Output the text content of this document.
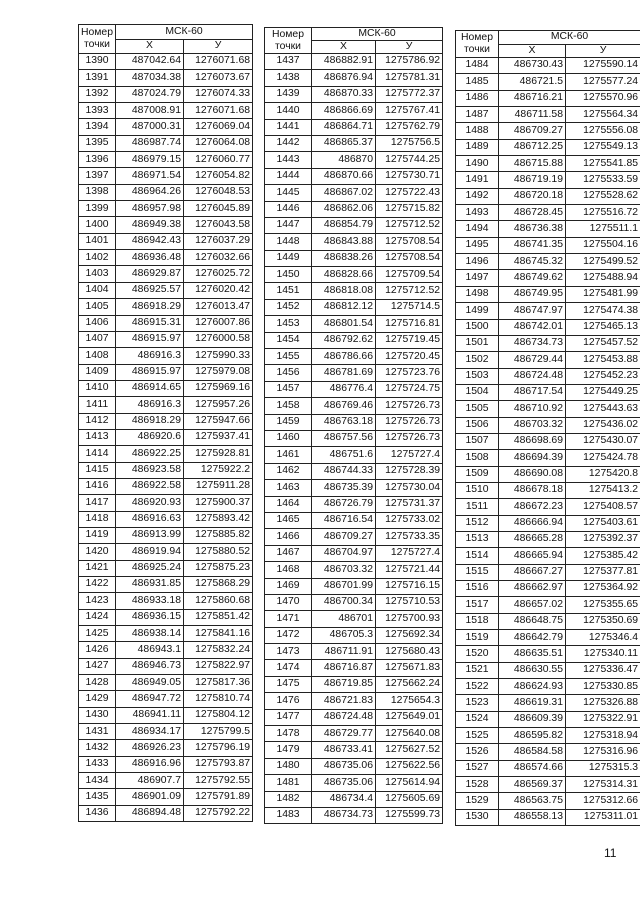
Номер точки	МСК-60	
	X	У
1390	487042.64	1276071.68
1391	487034.38	1276073.67
1392	487024.79	1276074.33
1393	487008.91	1276071.68
1394	487000.31	1276069.04
1395	486987.74	1276064.08
1396	486979.15	1276060.77
1397	486971.54	1276054.82
1398	486964.26	1276048.53
1399	486957.98	1276045.89
1400	486949.38	1276043.58
1401	486942.43	1276037.29
1402	486936.48	1276032.66
1403	486929.87	1276025.72
1404	486925.57	1276020.42
1405	486918.29	1276013.47
1406	486915.31	1276007.86
1407	486915.97	1276000.58
1408	486916.3	1275990.33
1409	486915.97	1275979.08
1410	486914.65	1275969.16
1411	486916.3	1275957.26
1412	486918.29	1275947.66
1413	486920.6	1275937.41
1414	486922.25	1275928.81
1415	486923.58	1275922.2
1416	486922.58	1275911.28
1417	486920.93	1275900.37
1418	486916.63	1275893.42
1419	486913.99	1275885.82
1420	486919.94	1275880.52
1421	486925.24	1275875.23
1422	486931.85	1275868.29
1423	486933.18	1275860.68
1424	486936.15	1275851.42
1425	486938.14	1275841.16
1426	486943.1	1275832.24
1427	486946.73	1275822.97
1428	486949.05	1275817.36
1429	486947.72	1275810.74
1430	486941.11	1275804.12
1431	486934.17	1275799.5
1432	486926.23	1275796.19
1433	486916.96	1275793.87
1434	486907.7	1275792.55
1435	486901.09	1275791.89
1436	486894.48	1275792.22
Номер точки	МСК-60	
	X	У
1437	486882.91	1275786.92
1438	486876.94	1275781.31
1439	486870.33	1275772.37
1440	486866.69	1275767.41
1441	486864.71	1275762.79
1442	486865.37	1275756.5
1443	486870	1275744.25
1444	486870.66	1275730.71
1445	486867.02	1275722.43
1446	486862.06	1275715.82
1447	486854.79	1275712.52
1448	486843.88	1275708.54
1449	486838.26	1275708.54
1450	486828.66	1275709.54
1451	486818.08	1275712.52
1452	486812.12	1275714.5
1453	486801.54	1275716.81
1454	486792.62	1275719.45
1455	486786.66	1275720.45
1456	486781.69	1275723.76
1457	486776.4	1275724.75
1458	486769.46	1275726.73
1459	486763.18	1275726.73
1460	486757.56	1275726.73
1461	486751.6	1275727.4
1462	486744.33	1275728.39
1463	486735.39	1275730.04
1464	486726.79	1275731.37
1465	486716.54	1275733.02
1466	486709.27	1275733.35
1467	486704.97	1275727.4
1468	486703.32	1275721.44
1469	486701.99	1275716.15
1470	486700.34	1275710.53
1471	486701	1275700.93
1472	486705.3	1275692.34
1473	486711.91	1275680.43
1474	486716.87	1275671.83
1475	486719.85	1275662.24
1476	486721.83	1275654.3
1477	486724.48	1275649.01
1478	486729.77	1275640.08
1479	486733.41	1275627.52
1480	486735.06	1275622.56
1481	486735.06	1275614.94
1482	486734.4	1275605.69
1483	486734.73	1275599.73
Номер точки	МСК-60	
	X	У
1484	486730.43	1275590.14
1485	486721.5	1275577.24
1486	486716.21	1275570.96
1487	486711.58	1275564.34
1488	486709.27	1275556.08
1489	486712.25	1275549.13
1490	486715.88	1275541.85
1491	486719.19	1275533.59
1492	486720.18	1275528.62
1493	486728.45	1275516.72
1494	486736.38	1275511.1
1495	486741.35	1275504.16
1496	486745.32	1275499.52
1497	486749.62	1275488.94
1498	486749.95	1275481.99
1499	486747.97	1275474.38
1500	486742.01	1275465.13
1501	486734.73	1275457.52
1502	486729.44	1275453.88
1503	486724.48	1275452.23
1504	486717.54	1275449.25
1505	486710.92	1275443.63
1506	486703.32	1275436.02
1507	486698.69	1275430.07
1508	486694.39	1275424.78
1509	486690.08	1275420.8
1510	486678.18	1275413.2
1511	486672.23	1275408.57
1512	486666.94	1275403.61
1513	486665.28	1275392.37
1514	486665.94	1275385.42
1515	486667.27	1275377.81
1516	486662.97	1275364.92
1517	486657.02	1275355.65
1518	486648.75	1275350.69
1519	486642.79	1275346.4
1520	486635.51	1275340.11
1521	486630.55	1275336.47
1522	486624.93	1275330.85
1523	486619.31	1275326.88
1524	486609.39	1275322.91
1525	486595.82	1275318.94
1526	486584.58	1275316.96
1527	486574.66	1275315.3
1528	486569.37	1275314.31
1529	486563.75	1275312.66
1530	486558.13	1275311.01
11
